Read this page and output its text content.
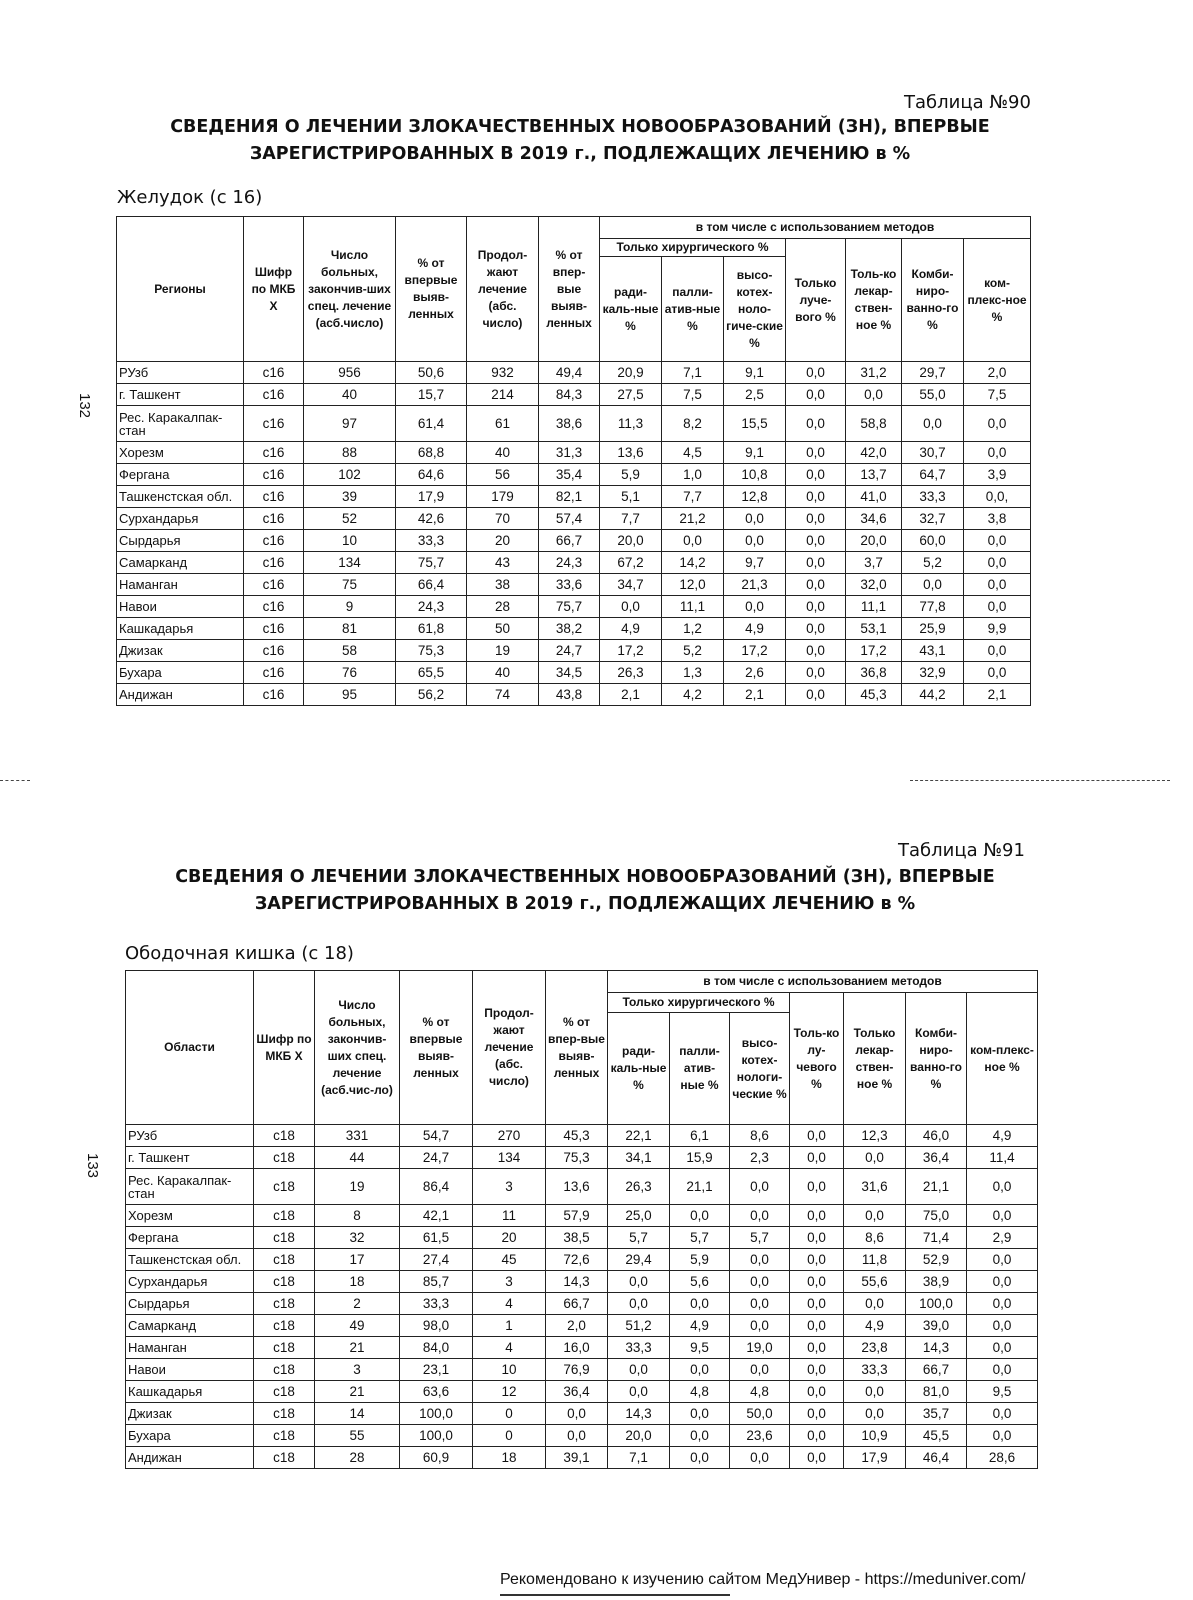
Таблица №90
СВЕДЕНИЯ О ЛЕЧЕНИИ ЗЛОКАЧЕСТВЕННЫХ НОВООБРАЗОВАНИЙ (ЗН), ВПЕРВЫЕ
ЗАРЕГИСТРИРОВАННЫХ В 2019 г., ПОДЛЕЖАЩИХ ЛЕЧЕНИЮ в %
Желудок (с 16)
132
Регионы	Шифр по МКБ Х	Число больных, закончив-ших спец. лечение (асб.число)	% от впервые выяв-ленных	Продол-жают лечение (абс. число)	% от впер-вые выяв-ленных	в том числе с использованием методов						
						Только хирургического %			Только луче-вого %	Толь-ко лекар-ствен-ное %	Комби-ниро-ванно-го %	ком-плекс-ное %
						ради-каль-ные %	палли-атив-ные %	высо-котех-ноло-гиче-ские %				
РУзб	с16	956	50,6	932	49,4	20,9	7,1	9,1	0,0	31,2	29,7	2,0
г. Ташкент	с16	40	15,7	214	84,3	27,5	7,5	2,5	0,0	0,0	55,0	7,5
Рес. Каракалпак-стан	с16	97	61,4	61	38,6	11,3	8,2	15,5	0,0	58,8	0,0	0,0
Хорезм	с16	88	68,8	40	31,3	13,6	4,5	9,1	0,0	42,0	30,7	0,0
Фергана	с16	102	64,6	56	35,4	5,9	1,0	10,8	0,0	13,7	64,7	3,9
Ташкенстская обл.	с16	39	17,9	179	82,1	5,1	7,7	12,8	0,0	41,0	33,3	0,0,
Сурхандарья	с16	52	42,6	70	57,4	7,7	21,2	0,0	0,0	34,6	32,7	3,8
Сырдарья	с16	10	33,3	20	66,7	20,0	0,0	0,0	0,0	20,0	60,0	0,0
Самарканд	с16	134	75,7	43	24,3	67,2	14,2	9,7	0,0	3,7	5,2	0,0
Наманган	с16	75	66,4	38	33,6	34,7	12,0	21,3	0,0	32,0	0,0	0,0
Навои	с16	9	24,3	28	75,7	0,0	11,1	0,0	0,0	11,1	77,8	0,0
Кашкадарья	с16	81	61,8	50	38,2	4,9	1,2	4,9	0,0	53,1	25,9	9,9
Джизак	с16	58	75,3	19	24,7	17,2	5,2	17,2	0,0	17,2	43,1	0,0
Бухара	с16	76	65,5	40	34,5	26,3	1,3	2,6	0,0	36,8	32,9	0,0
Андижан	с16	95	56,2	74	43,8	2,1	4,2	2,1	0,0	45,3	44,2	2,1
Таблица №91
СВЕДЕНИЯ О ЛЕЧЕНИИ ЗЛОКАЧЕСТВЕННЫХ НОВООБРАЗОВАНИЙ (ЗН), ВПЕРВЫЕ
ЗАРЕГИСТРИРОВАННЫХ В 2019 г., ПОДЛЕЖАЩИХ ЛЕЧЕНИЮ в %
Ободочная кишка (с 18)
133
Области	Шифр по МКБ Х	Число больных, закончив-ших спец. лечение (асб.чис-ло)	% от впервые выяв-ленных	Продол-жают лечение (абс. число)	% от впер-вые выяв-ленных	в том числе с использованием методов						
						Только хирургического %			Толь-ко лу-чевого %	Только лекар-ствен-ное %	Комби-ниро-ванно-го %	ком-плекс-ное %
						ради-каль-ные %	палли-атив-ные %	высо-котех-нологи-ческие %				
РУзб	с18	331	54,7	270	45,3	22,1	6,1	8,6	0,0	12,3	46,0	4,9
г. Ташкент	с18	44	24,7	134	75,3	34,1	15,9	2,3	0,0	0,0	36,4	11,4
Рес. Каракалпак-стан	с18	19	86,4	3	13,6	26,3	21,1	0,0	0,0	31,6	21,1	0,0
Хорезм	с18	8	42,1	11	57,9	25,0	0,0	0,0	0,0	0,0	75,0	0,0
Фергана	с18	32	61,5	20	38,5	5,7	5,7	5,7	0,0	8,6	71,4	2,9
Ташкенстская обл.	с18	17	27,4	45	72,6	29,4	5,9	0,0	0,0	11,8	52,9	0,0
Сурхандарья	с18	18	85,7	3	14,3	0,0	5,6	0,0	0,0	55,6	38,9	0,0
Сырдарья	с18	2	33,3	4	66,7	0,0	0,0	0,0	0,0	0,0	100,0	0,0
Самарканд	с18	49	98,0	1	2,0	51,2	4,9	0,0	0,0	4,9	39,0	0,0
Наманган	с18	21	84,0	4	16,0	33,3	9,5	19,0	0,0	23,8	14,3	0,0
Навои	с18	3	23,1	10	76,9	0,0	0,0	0,0	0,0	33,3	66,7	0,0
Кашкадарья	с18	21	63,6	12	36,4	0,0	4,8	4,8	0,0	0,0	81,0	9,5
Джизак	с18	14	100,0	0	0,0	14,3	0,0	50,0	0,0	0,0	35,7	0,0
Бухара	с18	55	100,0	0	0,0	20,0	0,0	23,6	0,0	10,9	45,5	0,0
Андижан	с18	28	60,9	18	39,1	7,1	0,0	0,0	0,0	17,9	46,4	28,6
Рекомендовано к изучению сайтом МедУнивер - https://meduniver.com/
